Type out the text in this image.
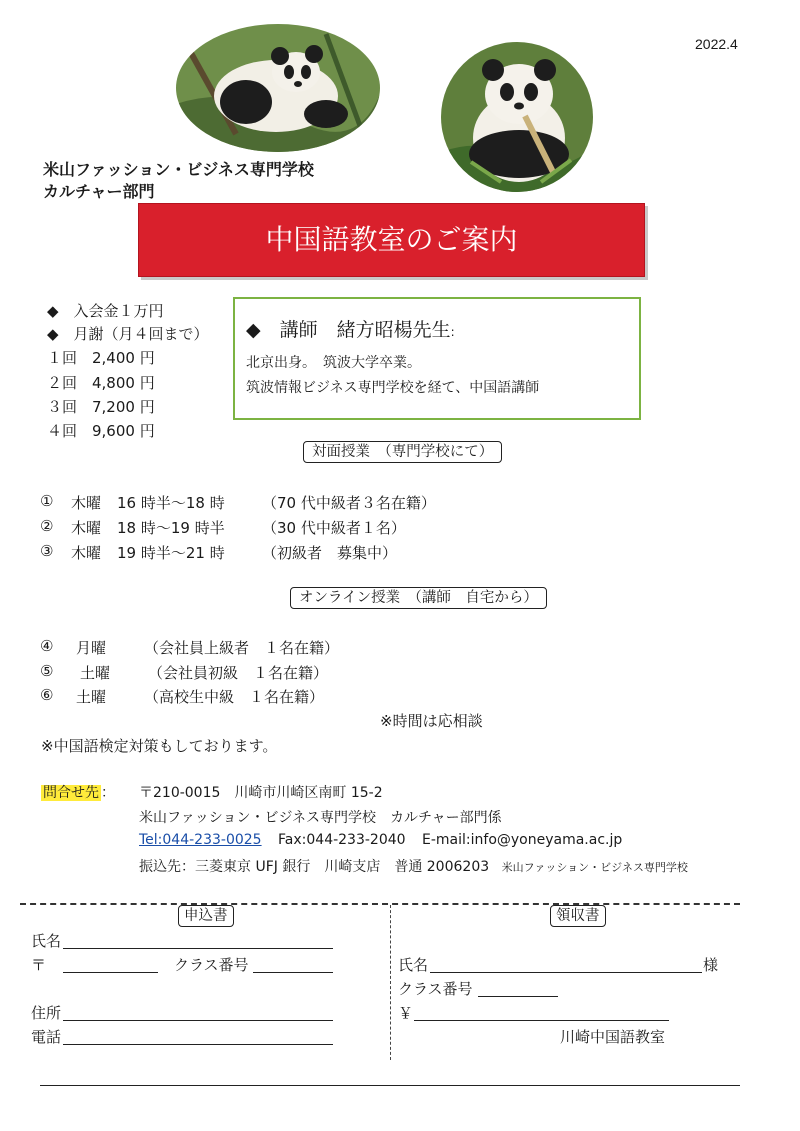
2022.4
米山ファッション・ビジネス専門学校
カルチャー部門
中国語教室のご案内
◆　入会金１万円
◆　月謝（月４回まで）
１回　2,400 円
２回　4,800 円
３回　7,200 円
４回　9,600 円
◆　講師　緒方昭楊先生:
北京出身。　筑波大学卒業。
筑波情報ビジネス専門学校を経て、中国語講師
対面授業　（専門学校にて）
① 木曜 16 時半～18 時 （70 代中級者３名在籍）
② 木曜 18 時～19 時半 （30 代中級者１名）
③ 木曜 19 時半～21 時 （初級者　募集中）
オンライン授業　（講師　自宅から）
④ 月曜	（会社員上級者　１名在籍）
⑤ 土曜	（会社員初級　１名在籍）
⑥ 土曜	（高校生中級　１名在籍）
※時間は応相談
※中国語検定対策もしております。
問合せ先 ： 〒210-0015　川崎市川崎区南町 15-2
米山ファッション・ビジネス専門学校　カルチャー部門係
Tel:044-233-0025 Fax:044-233-2040 E-mail:info@yoneyama.ac.jp
振込先：三菱東京 UFJ 銀行　川崎支店　普通 2006203 米山ファッション・ビジネス専門学校
申込書
氏名
〒	クラス番号
住所
電話
領収書
氏名	様
クラス番号
￥
川崎中国語教室
